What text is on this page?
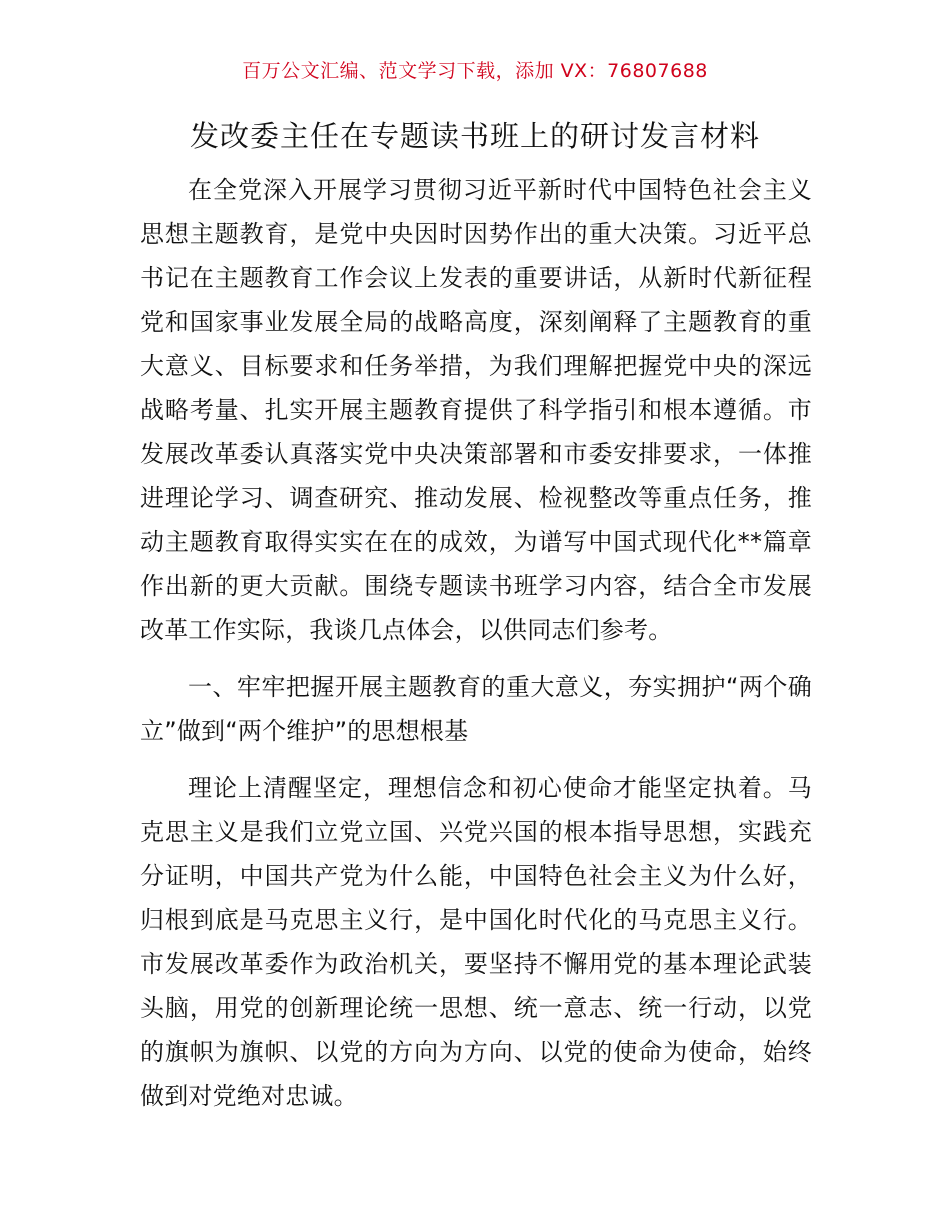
百万公文汇编、范文学习下载，添加 VX：76807688
发改委主任在专题读书班上的研讨发言材料

在全党深入开展学习贯彻习近平新时代中国特色社会主义思想主题教育，是党中央因时因势作出的重大决策。习近平总书记在主题教育工作会议上发表的重要讲话，从新时代新征程党和国家事业发展全局的战略高度，深刻阐释了主题教育的重大意义、目标要求和任务举措，为我们理解把握党中央的深远战略考量、扎实开展主题教育提供了科学指引和根本遵循。市发展改革委认真落实党中央决策部署和市委安排要求，一体推进理论学习、调查研究、推动发展、检视整改等重点任务，推动主题教育取得实实在在的成效，为谱写中国式现代化**篇章作出新的更大贡献。围绕专题读书班学习内容，结合全市发展改革工作实际，我谈几点体会，以供同志们参考。

一、牢牢把握开展主题教育的重大意义，夯实拥护“两个确立”做到“两个维护”的思想根基

理论上清醒坚定，理想信念和初心使命才能坚定执着。马克思主义是我们立党立国、兴党兴国的根本指导思想，实践充分证明，中国共产党为什么能，中国特色社会主义为什么好，归根到底是马克思主义行，是中国化时代化的马克思主义行。市发展改革委作为政治机关，要坚持不懈用党的基本理论武装头脑，用党的创新理论统一思想、统一意志、统一行动，以党的旗帜为旗帜、以党的方向为方向、以党的使命为使命，始终做到对党绝对忠诚。
